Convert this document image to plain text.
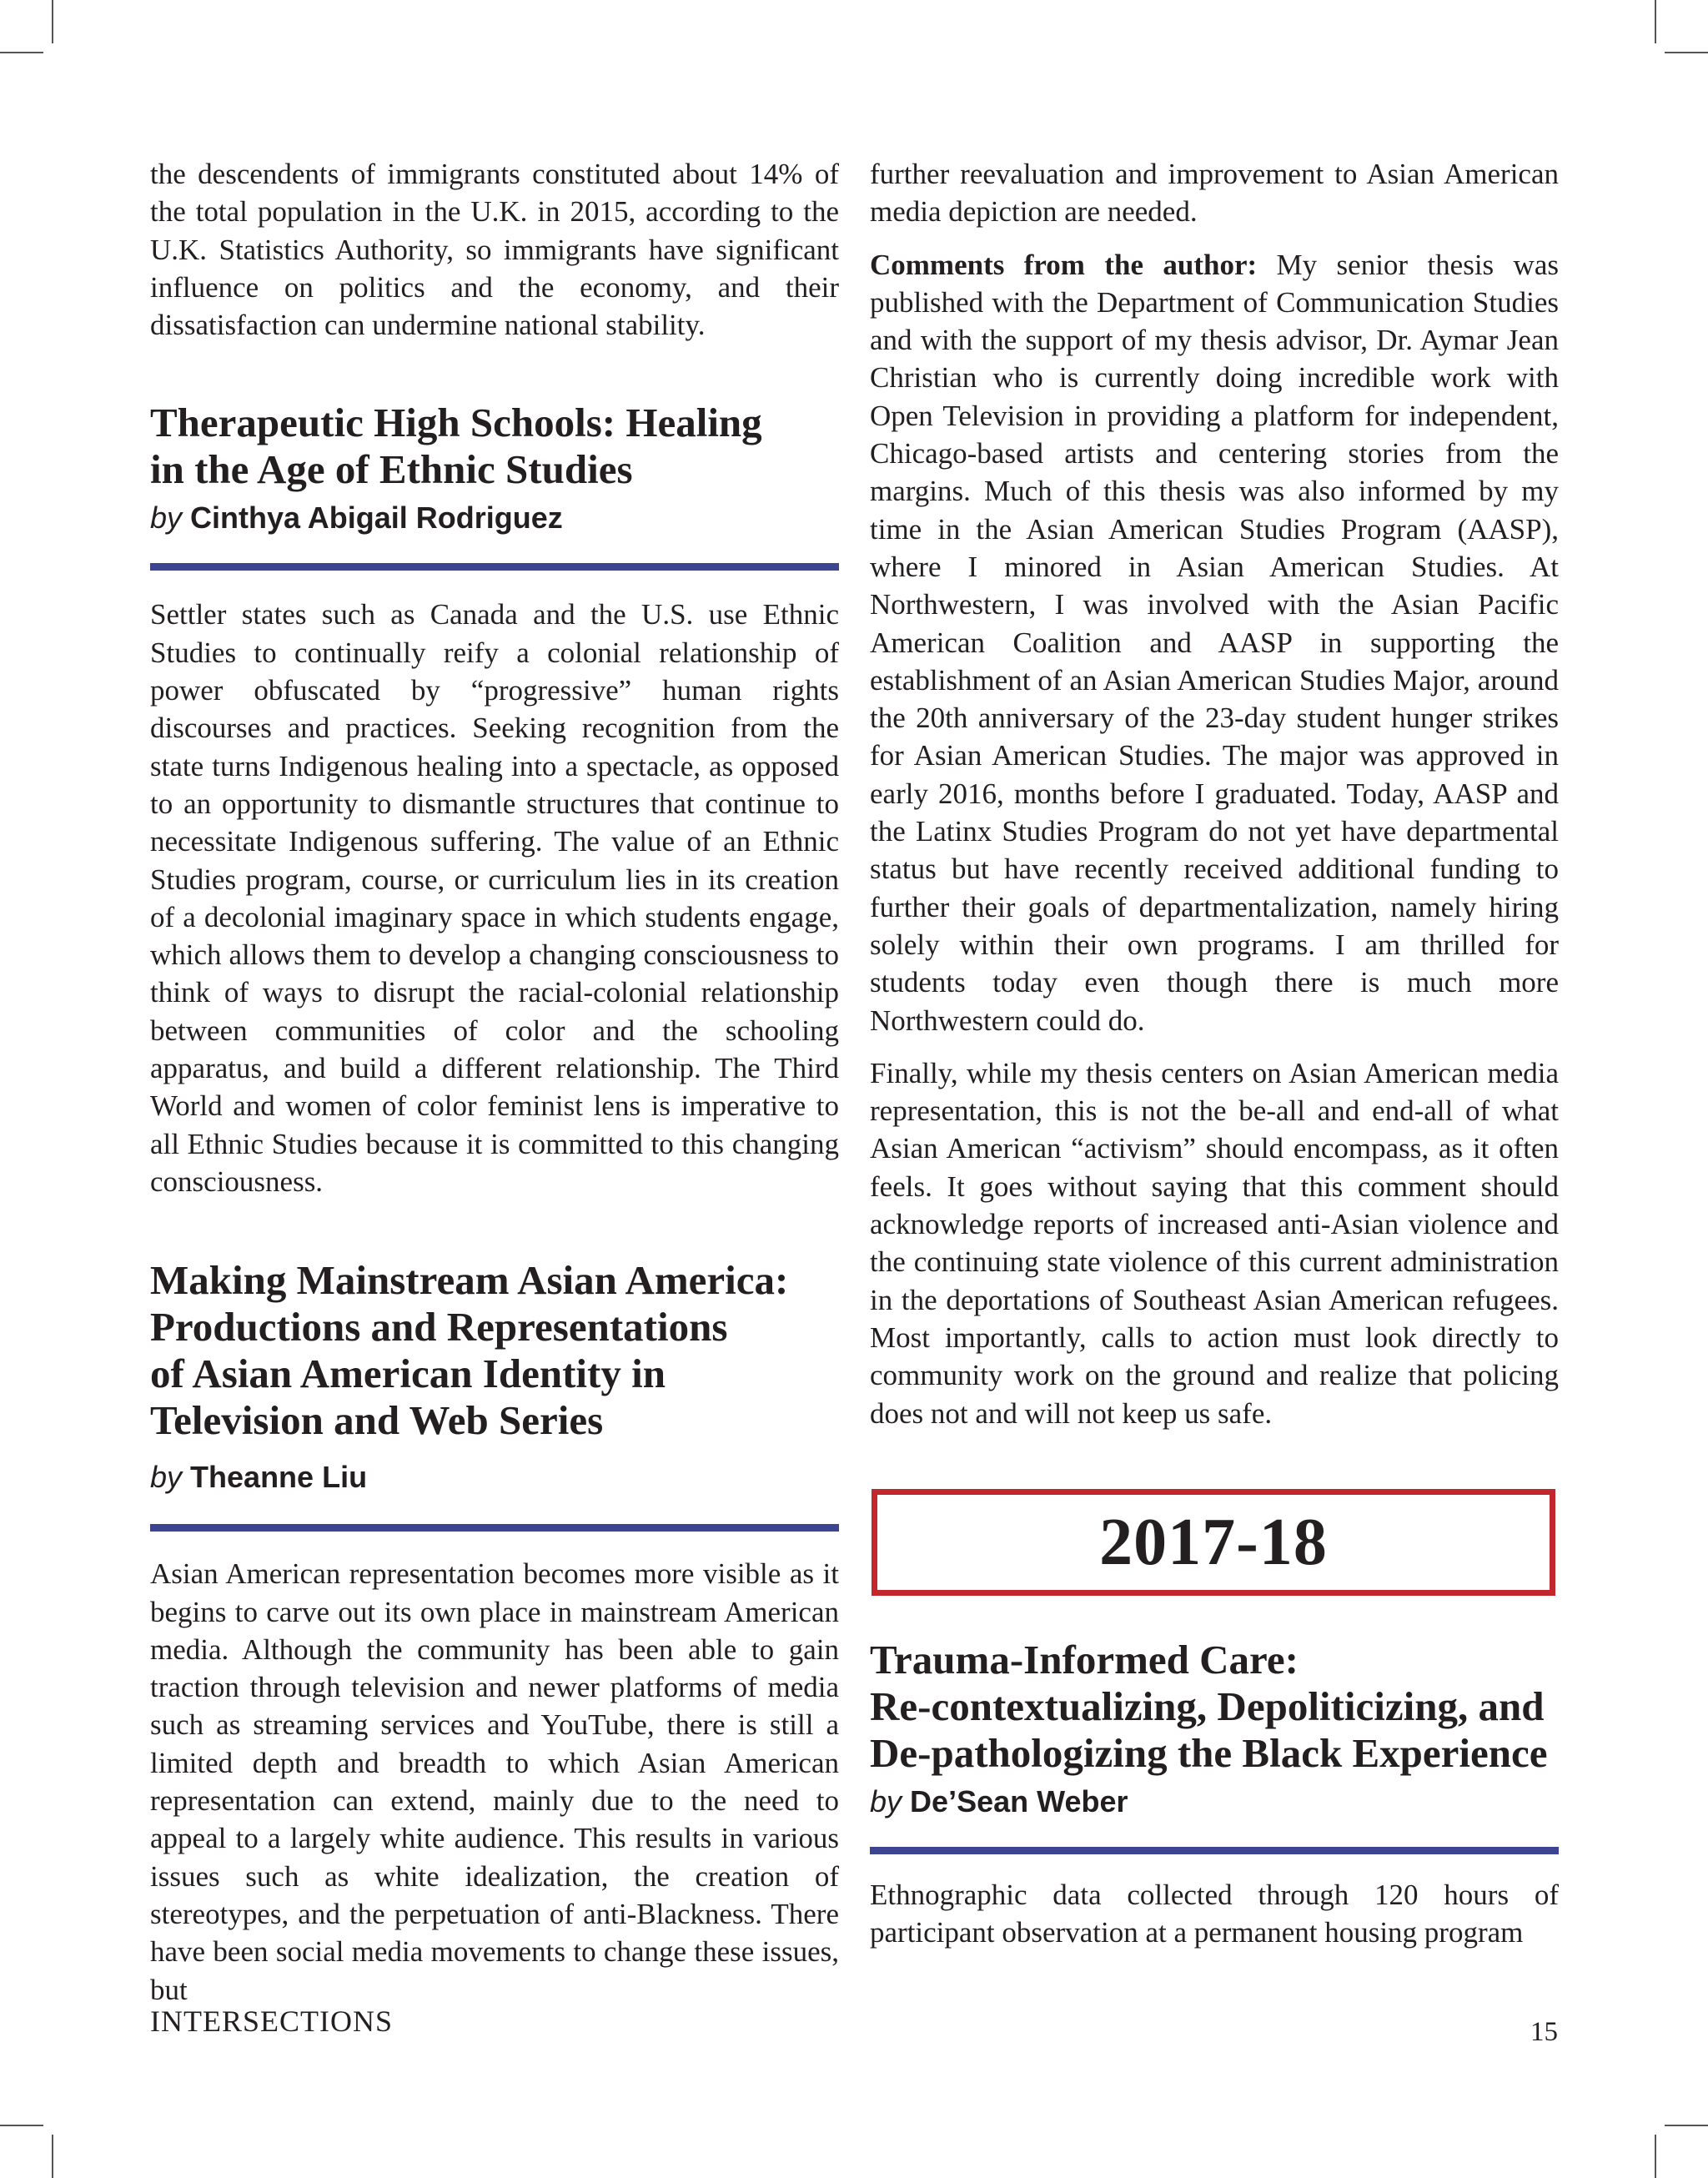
the descendents of immigrants constituted about 14% of the total population in the U.K. in 2015, according to the U.K. Statistics Authority, so immigrants have significant influence on politics and the economy, and their dissatisfaction can undermine national stability.

Therapeutic High Schools: Healing
in the Age of Ethnic Studies
by Cinthya Abigail Rodriguez

Settler states such as Canada and the U.S. use Ethnic Studies to continually reify a colonial relationship of power obfuscated by “progressive” human rights discourses and practices. Seeking recognition from the state turns Indigenous healing into a spectacle, as opposed to an opportunity to dismantle structures that continue to necessitate Indigenous suffering. The value of an Ethnic Studies program, course, or curriculum lies in its creation of a decolonial imaginary space in which students engage, which allows them to develop a changing consciousness to think of ways to disrupt the racial-colonial relationship between communities of color and the schooling apparatus, and build a different relationship. The Third World and women of color feminist lens is imperative to all Ethnic Studies because it is committed to this changing consciousness.

Making Mainstream Asian America:
Productions and Representations
of Asian American Identity in
Television and Web Series
by Theanne Liu

Asian American representation becomes more visible as it begins to carve out its own place in mainstream American media. Although the community has been able to gain traction through television and newer platforms of media such as streaming services and YouTube, there is still a limited depth and breadth to which Asian American representation can extend, mainly due to the need to appeal to a largely white audience. This results in various issues such as white idealization, the creation of stereotypes, and the perpetuation of anti-Blackness. There have been social media movements to change these issues, but

further reevaluation and improvement to Asian American media depiction are needed.

Comments from the author: My senior thesis was published with the Department of Communication Studies and with the support of my thesis advisor, Dr. Aymar Jean Christian who is currently doing incredible work with Open Television in providing a platform for independent, Chicago-based artists and centering stories from the margins. Much of this thesis was also informed by my time in the Asian American Studies Program (AASP), where I minored in Asian American Studies. At Northwestern, I was involved with the Asian Pacific American Coalition and AASP in supporting the establishment of an Asian American Studies Major, around the 20th anniversary of the 23-day student hunger strikes for Asian American Studies. The major was approved in early 2016, months before I graduated. Today, AASP and the Latinx Studies Program do not yet have departmental status but have recently received additional funding to further their goals of departmentalization, namely hiring solely within their own programs. I am thrilled for students today even though there is much more Northwestern could do.

Finally, while my thesis centers on Asian American media representation, this is not the be-all and end-all of what Asian American “activism” should encompass, as it often feels. It goes without saying that this comment should acknowledge reports of increased anti-Asian violence and the continuing state violence of this current administration in the deportations of Southeast Asian American refugees. Most importantly, calls to action must look directly to community work on the ground and realize that policing does not and will not keep us safe.

2017-18
Trauma-Informed Care:
Re-contextualizing, Depoliticizing, and
De-pathologizing the Black Experience
by De’Sean Weber

Ethnographic data collected through 120 hours of participant observation at a permanent housing program

INTERSECTIONS	15
